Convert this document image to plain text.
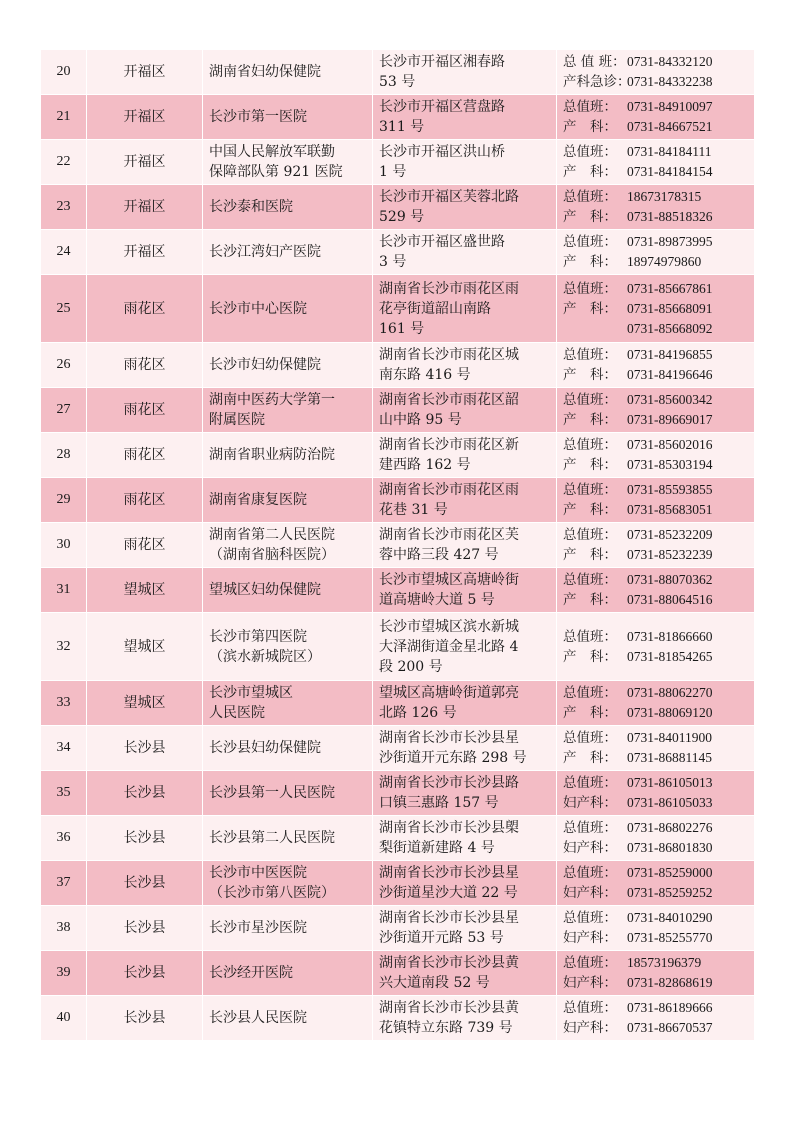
20	开福区	湖南省妇幼保健院	长沙市开福区湘春路
53 号	总 值 班：0731-84332120
产科急诊：0731-84332238

21	开福区	长沙市第一医院	长沙市开福区营盘路
311 号	总值班： 0731-84910097
产　科： 0731-84667521

22	开福区	中国人民解放军联勤
保障部队第 921 医院	长沙市开福区洪山桥
1 号	总值班： 0731-84184111
产　科： 0731-84184154

23	开福区	长沙泰和医院	长沙市开福区芙蓉北路
529 号	总值班： 18673178315
产　科： 0731-88518326

24	开福区	长沙江湾妇产医院	长沙市开福区盛世路
3 号	总值班： 0731-89873995
产　科： 18974979860

25	雨花区	长沙市中心医院	湖南省长沙市雨花区雨
花亭街道韶山南路
161 号	总值班： 0731-85667861
产　科： 0731-85668091
0731-85668092

26	雨花区	长沙市妇幼保健院	湖南省长沙市雨花区城
南东路 416 号	总值班： 0731-84196855
产　科： 0731-84196646

27	雨花区	湖南中医药大学第一
附属医院	湖南省长沙市雨花区韶
山中路 95 号	总值班： 0731-85600342
产　科： 0731-89669017

28	雨花区	湖南省职业病防治院	湖南省长沙市雨花区新
建西路 162 号	总值班： 0731-85602016
产　科： 0731-85303194

29	雨花区	湖南省康复医院	湖南省长沙市雨花区雨
花巷 31 号	总值班： 0731-85593855
产　科： 0731-85683051

30	雨花区	湖南省第二人民医院
（湖南省脑科医院）	湖南省长沙市雨花区芙
蓉中路三段 427 号	总值班： 0731-85232209
产　科： 0731-85232239

31	望城区	望城区妇幼保健院	长沙市望城区高塘岭街
道高塘岭大道 5 号	总值班： 0731-88070362
产　科： 0731-88064516

32	望城区	长沙市第四医院
（滨水新城院区）	长沙市望城区滨水新城
大泽湖街道金星北路 4
段 200 号	总值班： 0731-81866660
产　科： 0731-81854265

33	望城区	长沙市望城区
人民医院	望城区高塘岭街道郭亮
北路 126 号	总值班： 0731-88062270
产　科： 0731-88069120

34	长沙县	长沙县妇幼保健院	湖南省长沙市长沙县星
沙街道开元东路 298 号	总值班： 0731-84011900
产　科： 0731-86881145

35	长沙县	长沙县第一人民医院	湖南省长沙市长沙县路
口镇三惠路 157 号	总值班： 0731-86105013
妇产科： 0731-86105033

36	长沙县	长沙县第二人民医院	湖南省长沙市长沙县㮾
梨街道新建路 4 号	总值班： 0731-86802276
妇产科： 0731-86801830

37	长沙县	长沙市中医医院
（长沙市第八医院）	湖南省长沙市长沙县星
沙街道星沙大道 22 号	总值班： 0731-85259000
妇产科： 0731-85259252

38	长沙县	长沙市星沙医院	湖南省长沙市长沙县星
沙街道开元路 53 号	总值班： 0731-84010290
妇产科： 0731-85255770

39	长沙县	长沙经开医院	湖南省长沙市长沙县黄
兴大道南段 52 号	总值班： 18573196379
妇产科： 0731-82868619

40	长沙县	长沙县人民医院	湖南省长沙市长沙县黄
花镇特立东路 739 号	总值班： 0731-86189666
妇产科： 0731-86670537
